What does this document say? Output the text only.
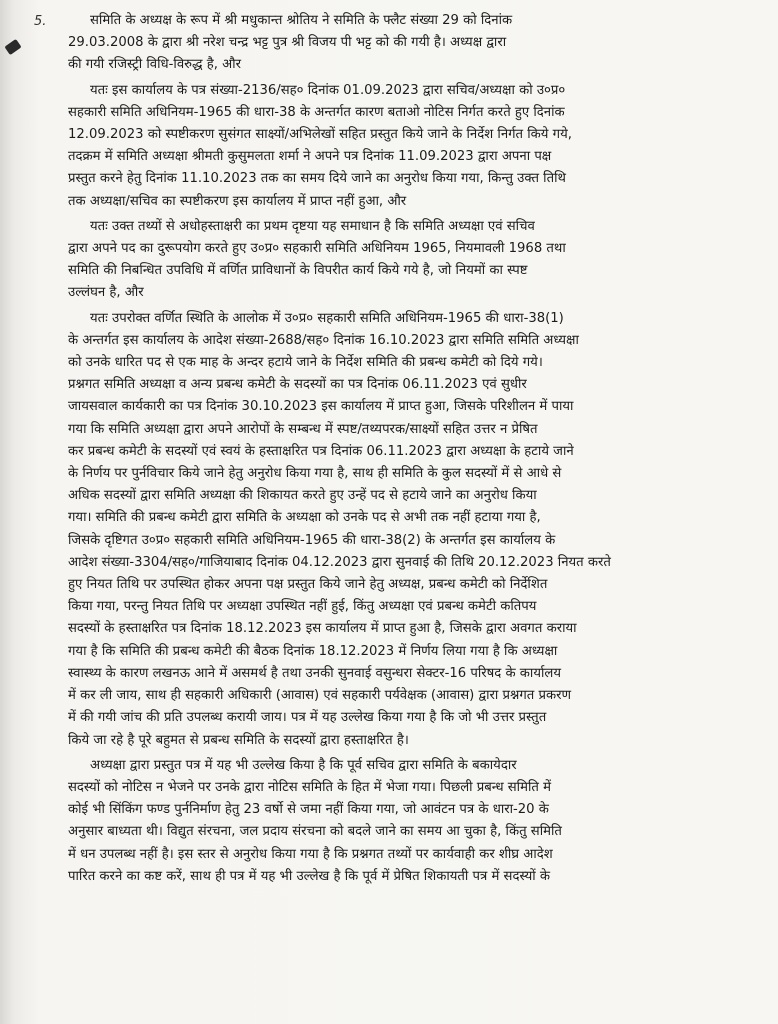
5.	समिति के अध्यक्ष के रूप में श्री मधुकान्त श्रोतिय ने समिति के फ्लैट संख्या 29 को दिनांक
29.03.2008 के द्वारा श्री नरेश चन्द्र भट्ट पुत्र श्री विजय पी भट्ट को की गयी है। अध्यक्ष द्वारा
की गयी रजिस्ट्री विधि-विरुद्ध है, और
यतः इस कार्यालय के पत्र संख्या-2136/सह० दिनांक 01.09.2023 द्वारा सचिव/अध्यक्षा को उ०प्र०
सहकारी समिति अधिनियम-1965 की धारा-38 के अन्तर्गत कारण बताओ नोटिस निर्गत करते हुए दिनांक
12.09.2023 को स्पष्टीकरण सुसंगत साक्ष्यों/अभिलेखों सहित प्रस्तुत किये जाने के निर्देश निर्गत किये गये,
तदक्रम में समिति अध्यक्षा श्रीमती कुसुमलता शर्मा ने अपने पत्र दिनांक 11.09.2023 द्वारा अपना पक्ष
प्रस्तुत करने हेतु दिनांक 11.10.2023 तक का समय दिये जाने का अनुरोध किया गया, किन्तु उक्त तिथि
तक अध्यक्षा/सचिव का स्पष्टीकरण इस कार्यालय में प्राप्त नहीं हुआ, और
यतः उक्त तथ्यों से अधोहस्ताक्षरी का प्रथम दृष्टया यह समाधान है कि समिति अध्यक्षा एवं सचिव
द्वारा अपने पद का दुरूपयोग करते हुए उ०प्र० सहकारी समिति अधिनियम 1965, नियमावली 1968 तथा
समिति की निबन्धित उपविधि में वर्णित प्राविधानों के विपरीत कार्य किये गये है, जो नियमों का स्पष्ट
उल्लंघन है, और
यतः उपरोक्त वर्णित स्थिति के आलोक में उ०प्र० सहकारी समिति अधिनियम-1965 की धारा-38(1)
के अन्तर्गत इस कार्यालय के आदेश संख्या-2688/सह० दिनांक 16.10.2023 द्वारा समिति समिति अध्यक्षा
को उनके धारित पद से एक माह के अन्दर हटाये जाने के निर्देश समिति की प्रबन्ध कमेटी को दिये गये।
प्रश्नगत समिति अध्यक्षा व अन्य प्रबन्ध कमेटी के सदस्यों का पत्र दिनांक 06.11.2023 एवं सुधीर
जायसवाल कार्यकारी का पत्र दिनांक 30.10.2023 इस कार्यालय में प्राप्त हुआ, जिसके परिशीलन में पाया
गया कि समिति अध्यक्षा द्वारा अपने आरोपों के सम्बन्ध में स्पष्ट/तथ्यपरक/साक्ष्यों सहित उत्तर न प्रेषित
कर प्रबन्ध कमेटी के सदस्यों एवं स्वयं के हस्ताक्षरित पत्र दिनांक 06.11.2023 द्वारा अध्यक्षा के हटाये जाने
के निर्णय पर पुर्नविचार किये जाने हेतु अनुरोध किया गया है, साथ ही समिति के कुल सदस्यों में से आधे से
अधिक सदस्यों द्वारा समिति अध्यक्षा की शिकायत करते हुए उन्हें पद से हटाये जाने का अनुरोध किया
गया। समिति की प्रबन्ध कमेटी द्वारा समिति के अध्यक्षा को उनके पद से अभी तक नहीं हटाया गया है,
जिसके दृष्टिगत उ०प्र० सहकारी समिति अधिनियम-1965 की धारा-38(2) के अन्तर्गत इस कार्यालय के
आदेश संख्या-3304/सह०/गाजियाबाद दिनांक 04.12.2023 द्वारा सुनवाई की तिथि 20.12.2023 नियत करते
हुए नियत तिथि पर उपस्थित होकर अपना पक्ष प्रस्तुत किये जाने हेतु अध्यक्ष, प्रबन्ध कमेटी को निर्देशित
किया गया, परन्तु नियत तिथि पर अध्यक्षा उपस्थित नहीं हुई, किंतु अध्यक्षा एवं प्रबन्ध कमेटी कतिपय
सदस्यों के हस्ताक्षरित पत्र दिनांक 18.12.2023 इस कार्यालय में प्राप्त हुआ है, जिसके द्वारा अवगत कराया
गया है कि समिति की प्रबन्ध कमेटी की बैठक दिनांक 18.12.2023 में निर्णय लिया गया है कि अध्यक्षा
स्वास्थ्य के कारण लखनऊ आने में असमर्थ है तथा उनकी सुनवाई वसुन्धरा सेक्टर-16 परिषद के कार्यालय
में कर ली जाय, साथ ही सहकारी अधिकारी (आवास) एवं सहकारी पर्यवेक्षक (आवास) द्वारा प्रश्नगत प्रकरण
में की गयी जांच की प्रति उपलब्ध करायी जाय। पत्र में यह उल्लेख किया गया है कि जो भी उत्तर प्रस्तुत
किये जा रहे है पूरे बहुमत से प्रबन्ध समिति के सदस्यों द्वारा हस्ताक्षरित है।
अध्यक्षा द्वारा प्रस्तुत पत्र में यह भी उल्लेख किया है कि पूर्व सचिव द्वारा समिति के बकायेदार
सदस्यों को नोटिस न भेजने पर उनके द्वारा नोटिस समिति के हित में भेजा गया। पिछली प्रबन्ध समिति में
कोई भी सिंकिंग फण्ड पुर्ननिर्माण हेतु 23 वर्षो से जमा नहीं किया गया, जो आवंटन पत्र के धारा-20 के
अनुसार बाध्यता थी। विद्युत संरचना, जल प्रदाय संरचना को बदले जाने का समय आ चुका है, किंतु समिति
में धन उपलब्ध नहीं है। इस स्तर से अनुरोध किया गया है कि प्रश्नगत तथ्यों पर कार्यवाही कर शीघ्र आदेश
पारित करने का कष्ट करें, साथ ही पत्र में यह भी उल्लेख है कि पूर्व में प्रेषित शिकायती पत्र में सदस्यों के
